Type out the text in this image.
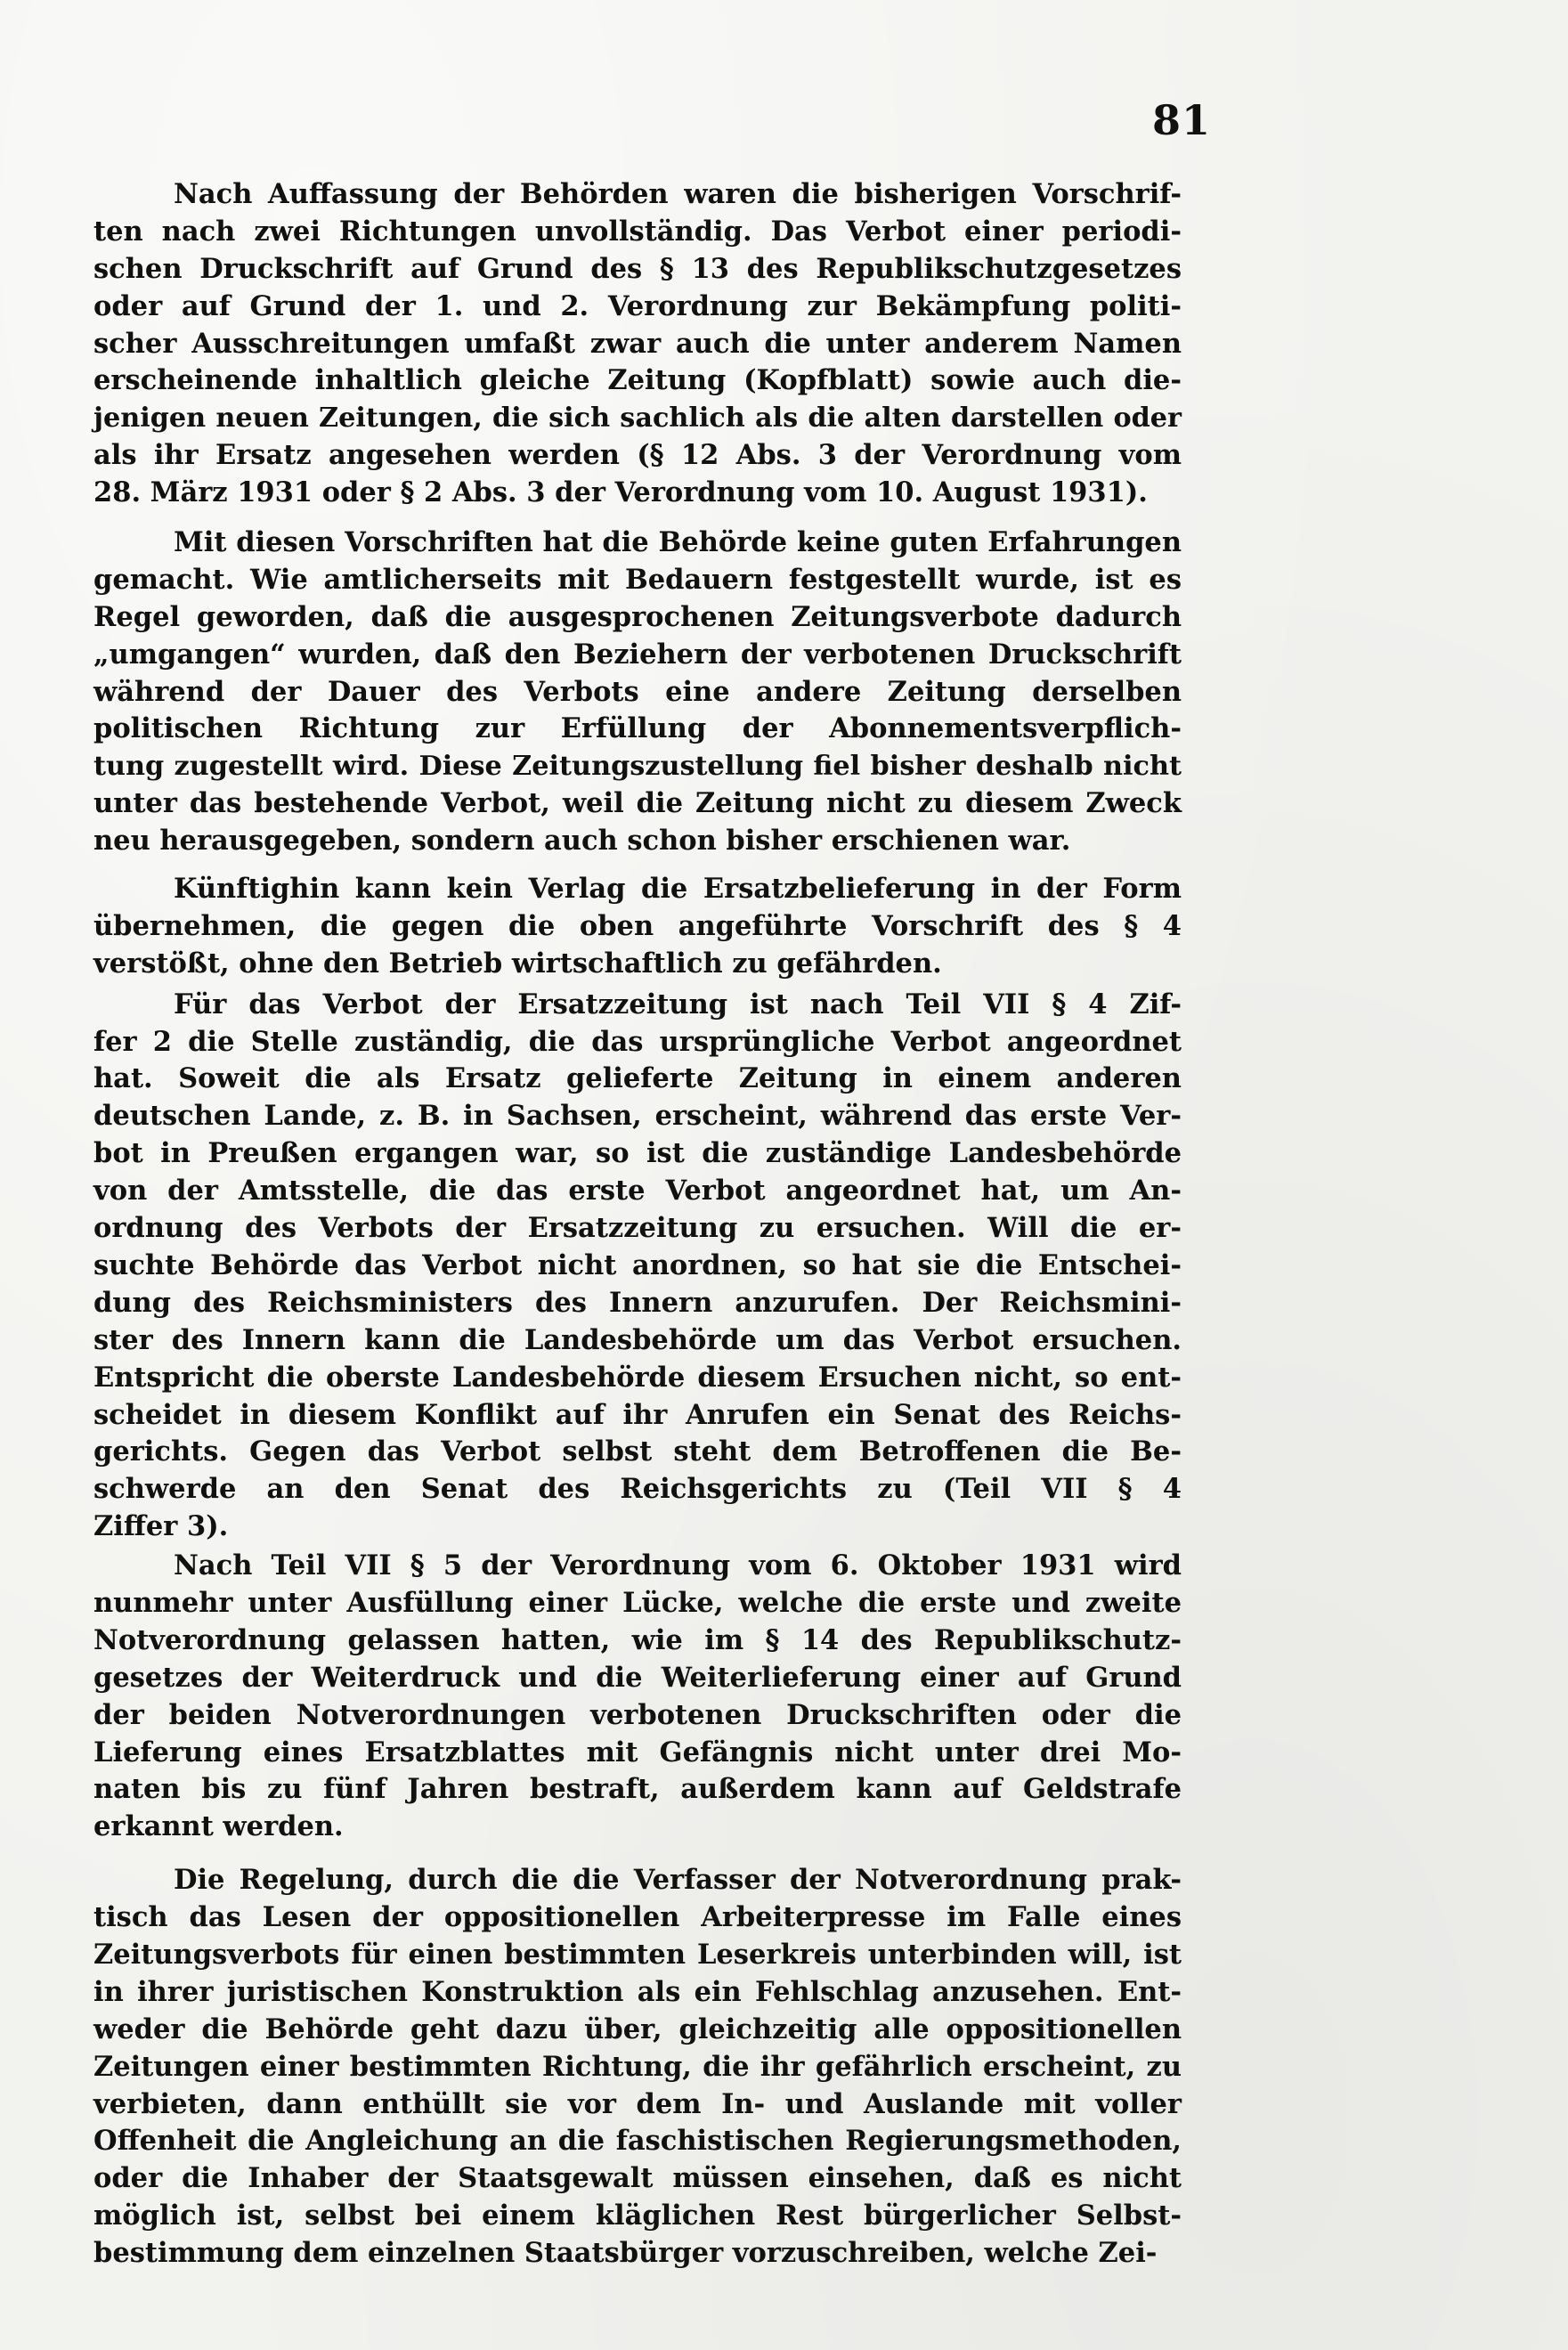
81
Nach Auffassung der Behörden waren die bisherigen Vorschrif-
ten nach zwei Richtungen unvollständig. Das Verbot einer periodi-
schen Druckschrift auf Grund des § 13 des Republikschutzgesetzes
oder auf Grund der 1. und 2. Verordnung zur Bekämpfung politi-
scher Ausschreitungen umfaßt zwar auch die unter anderem Namen
erscheinende inhaltlich gleiche Zeitung (Kopfblatt) sowie auch die-
jenigen neuen Zeitungen, die sich sachlich als die alten darstellen oder
als ihr Ersatz angesehen werden (§ 12 Abs. 3 der Verordnung vom
28. März 1931 oder § 2 Abs. 3 der Verordnung vom 10. August 1931).
Mit diesen Vorschriften hat die Behörde keine guten Erfahrungen
gemacht. Wie amtlicherseits mit Bedauern festgestellt wurde, ist es
Regel geworden, daß die ausgesprochenen Zeitungsverbote dadurch
„umgangen“ wurden, daß den Beziehern der verbotenen Druckschrift
während der Dauer des Verbots eine andere Zeitung derselben
politischen Richtung zur Erfüllung der Abonnementsverpflich-
tung zugestellt wird. Diese Zeitungszustellung fiel bisher deshalb nicht
unter das bestehende Verbot, weil die Zeitung nicht zu diesem Zweck
neu herausgegeben, sondern auch schon bisher erschienen war.
Künftighin kann kein Verlag die Ersatzbelieferung in der Form
übernehmen, die gegen die oben angeführte Vorschrift des § 4
verstößt, ohne den Betrieb wirtschaftlich zu gefährden.
Für das Verbot der Ersatzzeitung ist nach Teil VII § 4 Zif-
fer 2 die Stelle zuständig, die das ursprüngliche Verbot angeordnet
hat. Soweit die als Ersatz gelieferte Zeitung in einem anderen
deutschen Lande, z. B. in Sachsen, erscheint, während das erste Ver-
bot in Preußen ergangen war, so ist die zuständige Landesbehörde
von der Amtsstelle, die das erste Verbot angeordnet hat, um An-
ordnung des Verbots der Ersatzzeitung zu ersuchen. Will die er-
suchte Behörde das Verbot nicht anordnen, so hat sie die Entschei-
dung des Reichsministers des Innern anzurufen. Der Reichsmini-
ster des Innern kann die Landesbehörde um das Verbot ersuchen.
Entspricht die oberste Landesbehörde diesem Ersuchen nicht, so ent-
scheidet in diesem Konflikt auf ihr Anrufen ein Senat des Reichs-
gerichts. Gegen das Verbot selbst steht dem Betroffenen die Be-
schwerde an den Senat des Reichsgerichts zu (Teil VII § 4
Ziffer 3).
Nach Teil VII § 5 der Verordnung vom 6. Oktober 1931 wird
nunmehr unter Ausfüllung einer Lücke, welche die erste und zweite
Notverordnung gelassen hatten, wie im § 14 des Republikschutz-
gesetzes der Weiterdruck und die Weiterlieferung einer auf Grund
der beiden Notverordnungen verbotenen Druckschriften oder die
Lieferung eines Ersatzblattes mit Gefängnis nicht unter drei Mo-
naten bis zu fünf Jahren bestraft, außerdem kann auf Geldstrafe
erkannt werden.
Die Regelung, durch die die Verfasser der Notverordnung prak-
tisch das Lesen der oppositionellen Arbeiterpresse im Falle eines
Zeitungsverbots für einen bestimmten Leserkreis unterbinden will, ist
in ihrer juristischen Konstruktion als ein Fehlschlag anzusehen. Ent-
weder die Behörde geht dazu über, gleichzeitig alle oppositionellen
Zeitungen einer bestimmten Richtung, die ihr gefährlich erscheint, zu
verbieten, dann enthüllt sie vor dem In- und Auslande mit voller
Offenheit die Angleichung an die faschistischen Regierungsmethoden,
oder die Inhaber der Staatsgewalt müssen einsehen, daß es nicht
möglich ist, selbst bei einem kläglichen Rest bürgerlicher Selbst-
bestimmung dem einzelnen Staatsbürger vorzuschreiben, welche Zei-
